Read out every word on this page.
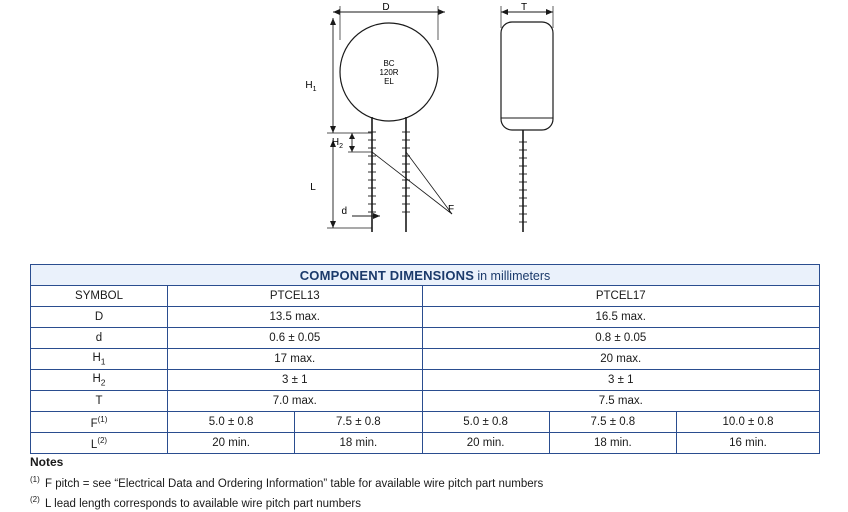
D	T
$H_1$
$H_2$
L
d	F
BC
120R
EL
COMPONENT DIMENSIONS in millimeters					
SYMBOL	PTCEL13		PTCEL17		
D	13.5 max.		16.5 max.		
d	0.6 ± 0.05		0.8 ± 0.05		
$H_1$	17 max.		20 max.		
$H_2$	3 ± 1		3 ± 1		
T	7.0 max.		7.5 max.		
$F^{(1)}$	5.0 ± 0.8	7.5 ± 0.8	5.0 ± 0.8	7.5 ± 0.8	10.0 ± 0.8
$L^{(2)}$	20 min.	18 min.	20 min.	18 min.	16 min.
Notes
$^{(1)}$ F pitch = see “Electrical Data and Ordering Information” table for available wire pitch part numbers
$^{(2)}$ L lead length corresponds to available wire pitch part numbers
